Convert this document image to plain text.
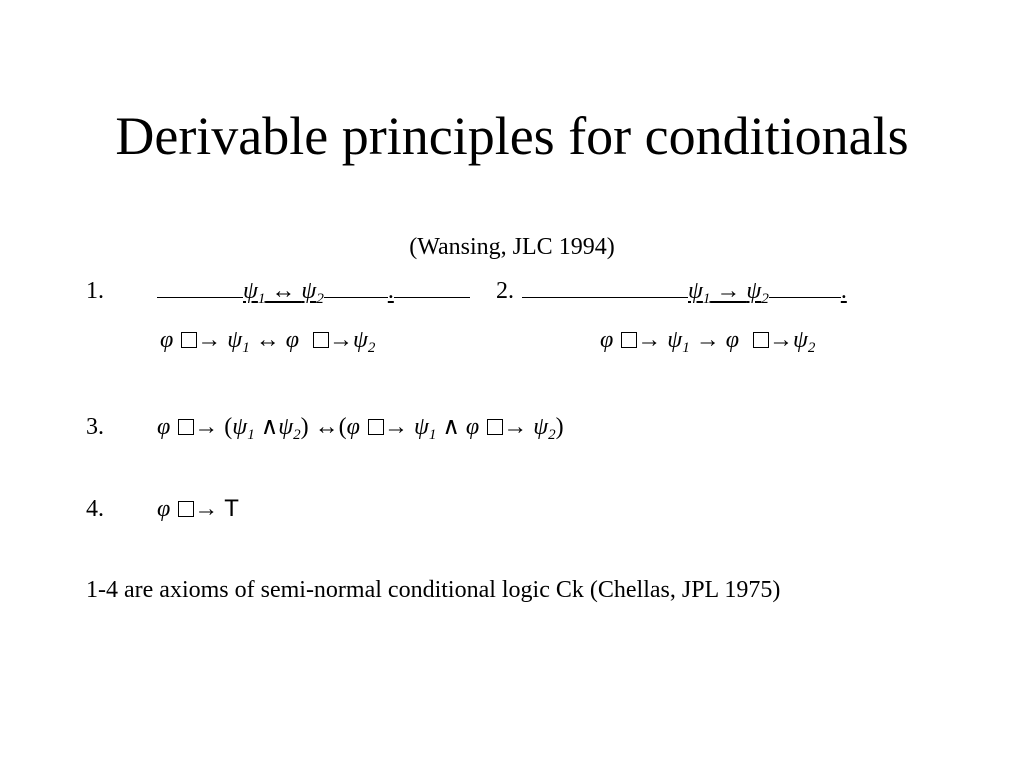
Derivable principles for conditionals
(Wansing, JLC 1994)
1.	$\psi_1$ ↔ $\psi_2$	.	2.	$\psi_1 \to \psi_2$	.
$\varphi \to \psi_1$ ↔ $\varphi \to\psi_2$	$\varphi \to \psi_1 \to \varphi \to\psi_2$
3. $\varphi \to (\psi_1$ $\wedge\psi_2$) ↔(φ → $\psi_1$ ∧ $\varphi \to \psi_2$)
4. φ → T
1-4 are axioms of semi-normal conditional logic Ck (Chellas, JPL 1975)
